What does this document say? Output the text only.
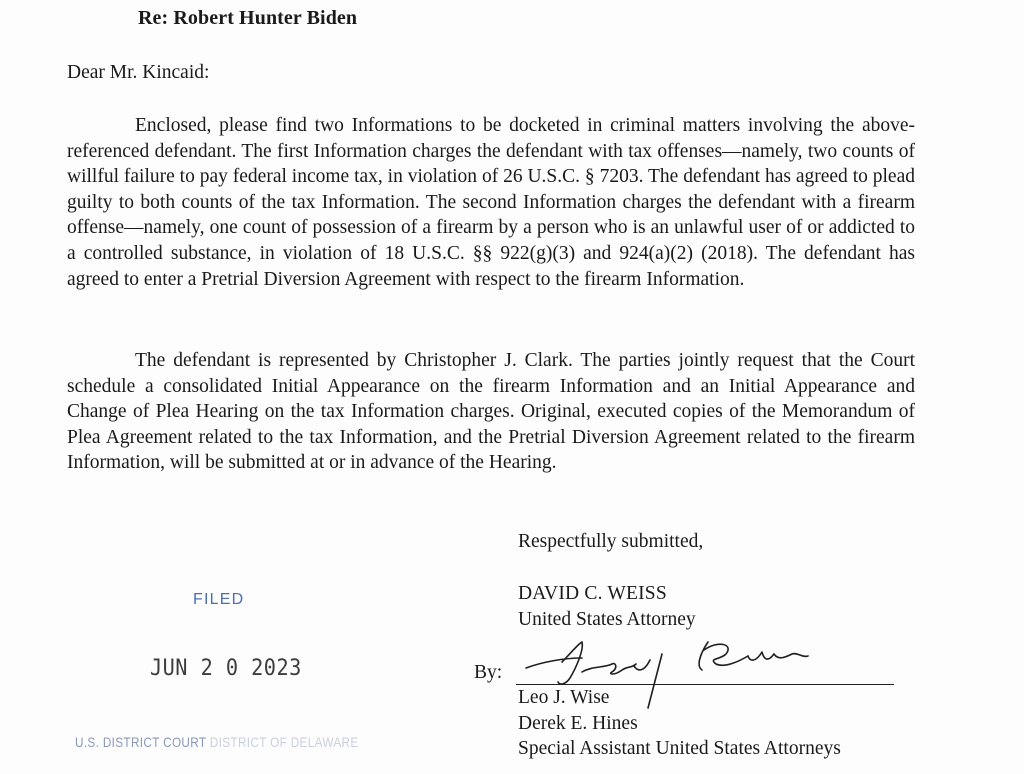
Re: Robert Hunter Biden
Dear Mr. Kincaid:

Enclosed, please find two Informations to be docketed in criminal matters involving the above-referenced defendant. The first Information charges the defendant with tax offenses—namely, two counts of willful failure to pay federal income tax, in violation of 26 U.S.C. § 7203. The defendant has agreed to plead guilty to both counts of the tax Information. The second Information charges the defendant with a firearm offense—namely, one count of possession of a firearm by a person who is an unlawful user of or addicted to a controlled substance, in violation of 18 U.S.C. §§ 922(g)(3) and 924(a)(2) (2018). The defendant has agreed to enter a Pretrial Diversion Agreement with respect to the firearm Information.

The defendant is represented by Christopher J. Clark. The parties jointly request that the Court schedule a consolidated Initial Appearance on the firearm Information and an Initial Appearance and Change of Plea Hearing on the tax Information charges. Original, executed copies of the Memorandum of Plea Agreement related to the tax Information, and the Pretrial Diversion Agreement related to the firearm Information, will be submitted at or in advance of the Hearing.

FILED
JUN 2 0 2023
U.S. DISTRICT COURT DISTRICT OF DELAWARE
Respectfully submitted,
DAVID C. WEISS
United States Attorney
By:
Leo J. Wise
Derek E. Hines
Special Assistant United States Attorneys
